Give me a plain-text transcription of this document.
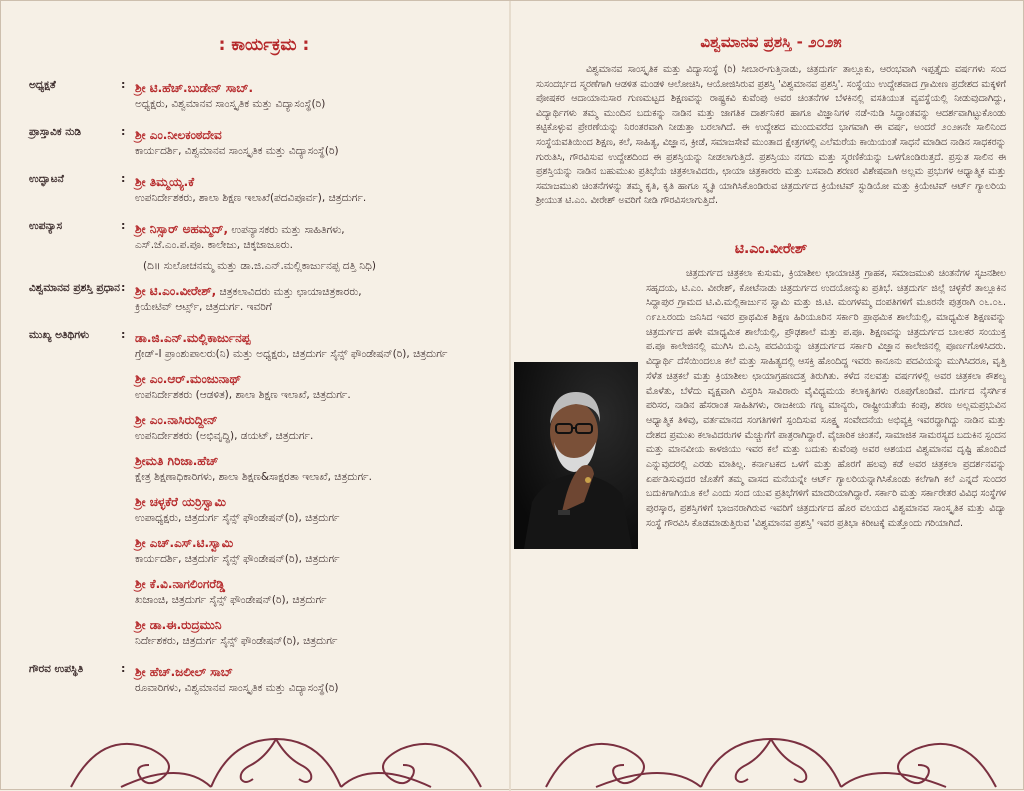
: ಕಾರ್ಯಕ್ರಮ :
ಅಧ್ಯಕ್ಷತೆ	: ಶ್ರೀ ಟಿ.ಹೆಚ್.ಬುಡೇನ್ ಸಾಬ್.
ಅಧ್ಯಕ್ಷರು, ವಿಶ್ವಮಾನವ ಸಾಂಸ್ಕೃತಿಕ ಮತ್ತು ವಿದ್ಯಾಸಂಸ್ಥೆ(ರಿ)
ಪ್ರಾಸ್ತಾವಿಕ ನುಡಿ	: ಶ್ರೀ ಎಂ.ನೀಲಕಂಠದೇವ
ಕಾರ್ಯದರ್ಶಿ, ವಿಶ್ವಮಾನವ ಸಾಂಸ್ಕೃತಿಕ ಮತ್ತು ವಿದ್ಯಾಸಂಸ್ಥೆ(ರಿ)
ಉದ್ಘಾಟನೆ	: ಶ್ರೀ ತಿಮ್ಮಯ್ಯ.ಕೆ
ಉಪನಿರ್ದೇಶಕರು, ಶಾಲಾ ಶಿಕ್ಷಣ ಇಲಾಖೆ(ಪದವಿಪೂರ್ವ), ಚಿತ್ರದುರ್ಗ.
ಉಪನ್ಯಾಸ	: ಶ್ರೀ ನಿಸ್ಸಾರ್ ಅಹಮ್ಮದ್, ಉಪನ್ಯಾಸಕರು ಮತ್ತು ಸಾಹಿತಿಗಳು,
ಎಸ್.ಜೆ.ಎಂ.ಪ.ಪೂ. ಕಾಲೇಜು, ಚಿಕ್ಕಜಾಜೂರು.
(ದಿ॥ ಸುಲೋಚನಮ್ಮ ಮತ್ತು ಡಾ.ಜಿ.ಎನ್.ಮಲ್ಲಿಕಾರ್ಜುನಪ್ಪ ದತ್ತಿ ನಿಧಿ)
ವಿಶ್ವಮಾನವ ಪ್ರಶಸ್ತಿ ಪ್ರಧಾನ : ಶ್ರೀ ಟಿ.ಎಂ.ವೀರೇಶ್, ಚಿತ್ರಕಲಾವಿದರು ಮತ್ತು ಛಾಯಾಚಿತ್ರಕಾರರು,
ಕ್ರಿಯೇಟಿವ್ ಆರ್ಟ್ಸ್, ಚಿತ್ರದುರ್ಗ. ಇವರಿಗೆ
ಮುಖ್ಯ ಅತಿಥಿಗಳು	: ಡಾ.ಜಿ.ಎನ್.ಮಲ್ಲಿಕಾರ್ಜುನಪ್ಪ
ಗ್ರೇಡ್-I ಪ್ರಾಂಶುಪಾಲರು(ನಿ) ಮತ್ತು ಅಧ್ಯಕ್ಷರು, ಚಿತ್ರದುರ್ಗ ಸೈನ್ಸ್ ಫೌಂಡೇಷನ್(ರಿ), ಚಿತ್ರದುರ್ಗ
ಶ್ರೀ ಎಂ.ಆರ್.ಮಂಜುನಾಥ್
ಉಪನಿರ್ದೇಶಕರು (ಆಡಳಿತ), ಶಾಲಾ ಶಿಕ್ಷಣ ಇಲಾಖೆ, ಚಿತ್ರದುರ್ಗ.
ಶ್ರೀ ಎಂ.ನಾಸಿರುದ್ದೀನ್
ಉಪನಿರ್ದೇಶಕರು (ಅಭಿವೃದ್ಧಿ), ಡಯಟ್, ಚಿತ್ರದುರ್ಗ.
ಶ್ರೀಮತಿ ಗಿರಿಜಾ.ಹೆಚ್
ಕ್ಷೇತ್ರ ಶಿಕ್ಷಣಾಧಿಕಾರಿಗಳು, ಶಾಲಾ ಶಿಕ್ಷಣ&ಸಾಕ್ಷರತಾ ಇಲಾಖೆ, ಚಿತ್ರದುರ್ಗ.
ಶ್ರೀ ಚಳ್ಳಕೆರೆ ಯರ್ರಿಸ್ವಾಮಿ
ಉಪಾಧ್ಯಕ್ಷರು, ಚಿತ್ರದುರ್ಗ ಸೈನ್ಸ್ ಫೌಂಡೇಷನ್(ರಿ), ಚಿತ್ರದುರ್ಗ
ಶ್ರೀ ಎಚ್.ಎಸ್.ಟಿ.ಸ್ವಾಮಿ
ಕಾರ್ಯದರ್ಶಿ, ಚಿತ್ರದುರ್ಗ ಸೈನ್ಸ್ ಫೌಂಡೇಷನ್(ರಿ), ಚಿತ್ರದುರ್ಗ
ಶ್ರೀ ಕೆ.ವಿ.ನಾಗಲಿಂಗರೆಡ್ಡಿ
ಖಜಾಂಚಿ, ಚಿತ್ರದುರ್ಗ ಸೈನ್ಸ್ ಫೌಂಡೇಷನ್(ರಿ), ಚಿತ್ರದುರ್ಗ
ಶ್ರೀ ಡಾ.ಈ.ರುದ್ರಮುನಿ
ನಿರ್ದೇಶಕರು, ಚಿತ್ರದುರ್ಗ ಸೈನ್ಸ್ ಫೌಂಡೇಷನ್(ರಿ), ಚಿತ್ರದುರ್ಗ
ಗೌರವ ಉಪಸ್ಥಿತಿ	: ಶ್ರೀ ಹೆಚ್.ಜಲೀಲ್ ಸಾಬ್
ರೂವಾರಿಗಳು, ವಿಶ್ವಮಾನವ ಸಾಂಸ್ಕೃತಿಕ ಮತ್ತು ವಿದ್ಯಾಸಂಸ್ಥೆ(ರಿ)
ವಿಶ್ವಮಾನವ ಪ್ರಶಸ್ತಿ - ೨೦೨೫
ವಿಶ್ವಮಾನವ ಸಾಂಸ್ಕೃತಿಕ ಮತ್ತು ವಿದ್ಯಾಸಂಸ್ಥೆ (ರಿ) ಸೀಬಾರ-ಗುತ್ತಿನಾಡು, ಚಿತ್ರದುರ್ಗ ತಾಲ್ಲೂಕು, ಆರಂಭವಾಗಿ ಇಪ್ಪತ್ತೈದು ವರ್ಷಗಳು ಸಂದ ಸುಸಂದರ್ಭದ ಸ್ಮರಣೆಗಾಗಿ ಆಡಳಿತ ಮಂಡಳಿ ಆಲೋಚಿಸಿ, ಆಯೋಜಿಸಿರುವ ಪ್ರಶಸ್ತಿ 'ವಿಶ್ವಮಾನವ ಪ್ರಶಸ್ತಿ'. ಸಂಸ್ಥೆಯು ಉದ್ದೇಶವಾದ ಗ್ರಾಮೀಣ ಪ್ರದೇಶದ ಮಕ್ಕಳಿಗೆ ಪೋಷಕರ ಆದಾಯಾನುಸಾರ ಗುಣಮಟ್ಟದ ಶಿಕ್ಷಣವನ್ನು ರಾಷ್ಟ್ರಕವಿ ಕುವೆಂಪು ಅವರ ಚಿಂತನೆಗಳ ಬೆಳಕಿನಲ್ಲಿ ವಸತಿಯುತ ವ್ಯವಸ್ಥೆಯಲ್ಲಿ ನೀಡುವುದಾಗಿದ್ದು, ವಿದ್ಯಾರ್ಥಿಗಳು ತಮ್ಮ ಮುಂದಿನ ಬದುಕನ್ನು ನಾಡಿನ ಮತ್ತು ಜಾಗತಿಕ ದಾರ್ಶನಿಕರ ಹಾಗೂ ವಿಜ್ಞಾನಿಗಳ ನಡೆ-ನುಡಿ ಸಿದ್ಧಾಂತವನ್ನು ಆದರ್ಶವಾಗಿಟ್ಟುಕೊಂಡು ಕಟ್ಟಿಕೊಳ್ಳುವ ಪ್ರೇರಣೆಯನ್ನು ನಿರಂತರವಾಗಿ ನೀಡುತ್ತಾ ಬರಲಾಗಿದೆ. ಈ ಉದ್ದೇಶದ ಮುಂದುವರೆದ ಭಾಗವಾಗಿ ಈ ವರ್ಷ, ಅಂದರೆ ೨೦೨೫ನೇ ಸಾಲಿನಿಂದ ಸಂಸ್ಥೆಯವತಿಯಿಂದ ಶಿಕ್ಷಣ, ಕಲೆ, ಸಾಹಿತ್ಯ, ವಿಜ್ಞಾನ, ಕ್ರೀಡೆ, ಸಮಾಜಸೇವೆ ಮುಂತಾದ ಕ್ಷೇತ್ರಗಳಲ್ಲಿ ಎಲೆಮರೆಯ ಕಾಯಿಯಂತೆ ಸಾಧನೆ ಮಾಡಿದ ನಾಡಿನ ಸಾಧಕರನ್ನು ಗುರುತಿಸಿ, ಗೌರವಿಸುವ ಉದ್ದೇಶದಿಂದ ಈ ಪ್ರಶಸ್ತಿಯನ್ನು ನೀಡಲಾಗುತ್ತಿದೆ. ಪ್ರಶಸ್ತಿಯು ನಗದು ಮತ್ತು ಸ್ಮರಣಿಕೆಯನ್ನು ಒಳಗೊಂಡಿರುತ್ತದೆ. ಪ್ರಸ್ತುತ ಸಾಲಿನ ಈ ಪ್ರಶಸ್ತಿಯನ್ನು ನಾಡಿನ ಬಹುಮುಖ ಪ್ರತಿಭೆಯ ಚಿತ್ರಕಲಾವಿದರು, ಛಾಯಾ ಚಿತ್ರಕಾರರು ಮತ್ತು ಬಸವಾದಿ ಶರಣರ ವಿಶೇಷವಾಗಿ ಅಲ್ಲಮ ಪ್ರಭುಗಳ ಆಧ್ಯಾತ್ಮಿಕ ಮತ್ತು ಸಮಾಜಮುಖಿ ಚಿಂತನೆಗಳನ್ನು ತಮ್ಮ ಕೃತಿ, ಕೃತಿ ಹಾಗೂ ಸ್ಮೃತಿ ಯಾಗಿಸಿಕೊಂಡಿರುವ ಚಿತ್ರದುರ್ಗದ ಕ್ರಿಯೇಟಿವ್ ಸ್ಟುಡಿಯೋ ಮತ್ತು ಕ್ರಿಯೇಟಿವ್ ಆರ್ಟ್ ಗ್ಯಾಲರಿಯ ಶ್ರೀಯುತ ಟಿ.ಎಂ. ವೀರೇಶ್ ಅವರಿಗೆ ನೀಡಿ ಗೌರವಿಸಲಾಗುತ್ತಿದೆ.
ಟಿ.ಎಂ.ವೀರೇಶ್
ಚಿತ್ರದುರ್ಗದ ಚಿತ್ರಕಲಾ ಕುಸುಮ, ಕ್ರಿಯಾಶೀಲ ಛಾಯಾಚಿತ್ರ ಗ್ರಾಹಕ, ಸಮಾಜಮುಖಿ ಚಿಂತನೆಗಳ ಸೃಜನಶೀಲ ಸಹೃದಯ, ಟಿ.ಎಂ. ವೀರೇಶ್, ಕೋಟೆನಾಡು ಚಿತ್ರದುರ್ಗದ ಉದಯೋನ್ಮುಖ ಪ್ರತಿಭೆ. ಚಿತ್ರದುರ್ಗ ಜಿಲ್ಲೆ ಚಳ್ಳಕೆರೆ ತಾಲ್ಲೂಕಿನ ಸಿದ್ದಾಪುರ ಗ್ರಾಮದ ಟಿ.ವಿ.ಮಲ್ಲಿಕಾರ್ಜುನ ಸ್ವಾಮಿ ಮತ್ತು ಜಿ.ಟಿ. ಮಂಗಳಮ್ಮ ದಂಪತಿಗಳಿಗೆ ಮೂರನೇ ಪುತ್ರರಾಗಿ ೦೬.೦೬. ೧೯೭೬ರಂದು ಜನಿಸಿದ ಇವರ ಪ್ರಾಥಮಿಕ ಶಿಕ್ಷಣ ಹಿರಿಯೂರಿನ ಸರ್ಕಾರಿ ಪ್ರಾಥಮಿಕ ಶಾಲೆಯಲ್ಲಿ, ಮಾಧ್ಯಮಿಕ ಶಿಕ್ಷಣವನ್ನು ಚಿತ್ರದುರ್ಗದ ಹಳೇ ಮಾಧ್ಯಮಿಕ ಶಾಲೆಯಲ್ಲಿ, ಪ್ರೌಢಶಾಲೆ ಮತ್ತು ಪ.ಪೂ. ಶಿಕ್ಷಣವನ್ನು ಚಿತ್ರದುರ್ಗದ ಬಾಲಕರ ಸಂಯುಕ್ತ ಪ.ಪೂ ಕಾಲೇಜಿನಲ್ಲಿ ಮುಗಿಸಿ ಬಿ.ಎಸ್ಸಿ ಪದವಿಯನ್ನು ಚಿತ್ರದುರ್ಗದ ಸರ್ಕಾರಿ ವಿಜ್ಞಾನ ಕಾಲೇಜಿನಲ್ಲಿ ಪೂರ್ಣಗೊಳಿಸಿದರು. ವಿದ್ಯಾರ್ಥಿ ದೆಸೆಯಿಂದಲೂ ಕಲೆ ಮತ್ತು ಸಾಹಿತ್ಯದಲ್ಲಿ ಆಸಕ್ತಿ ಹೊಂದಿದ್ದ ಇವರು ಕಾನೂನು ಪದವಿಯನ್ನು ಮುಗಿಸಿದರೂ, ವೃತ್ತಿ ಸೆಳೆತ ಚಿತ್ರಕಲೆ ಮತ್ತು ಕ್ರಿಯಾಶೀಲ ಛಾಯಾಗ್ರಹಣದತ್ತ ತಿರುಗಿತು. ಕಳೆದ ನಲವತ್ತು ವರ್ಷಗಳಲ್ಲಿ ಅವರ ಚಿತ್ರಕಲಾ ಕೌಶಲ್ಯ ಮೊಳೆತು, ಬೆಳೆದು ವೃಕ್ಷವಾಗಿ ವಿಸ್ತರಿಸಿ ಸಾವಿರಾರು ವೈವಿಧ್ಯಮಯ ಕಲಾಕೃತಿಗಳು ರೂಪುಗೊಂಡಿವೆ. ದುರ್ಗದ ನೈಸರ್ಗಿಕ ಪರಿಸರ, ನಾಡಿನ ಹೆಸರಾಂತ ಸಾಹಿತಿಗಳು, ರಾಜಕೀಯ ಗಣ್ಯ ಮಾನ್ಯರು, ರಾಷ್ಟ್ರೀಯತೆಯ ಕಂಪು, ಶರಣ ಅಲ್ಲಮಪ್ರಭುವಿನ ಆಧ್ಯಾತ್ಮಿಕ ತಿಳಿವು, ವರ್ತಮಾನದ ಸಂಗತಿಗಳಿಗೆ ಸ್ಪಂದಿಸುವ ಸೂಕ್ಷ್ಮ ಸಂವೇದನೆಯ ಅಭಿವ್ಯಕ್ತಿ ಇವರದ್ದಾಗಿದ್ದು ನಾಡಿನ ಮತ್ತು ದೇಶದ ಪ್ರಮುಖ ಕಲಾವಿದರುಗಳ ಮೆಚ್ಚುಗೆಗೆ ಪಾತ್ರರಾಗಿದ್ದಾರೆ. ವೈಚಾರಿಕ ಚಿಂತನೆ, ಸಾಮಾಜಿಕ ಸಾಮರಸ್ಯದ ಬದುಕಿನ ಸ್ಪಂದನ ಮತ್ತು ಮಾನವೀಯ ಕಾಳಜಿಯು ಇವರ ಕಲೆ ಮತ್ತು ಬದುಕು ಕುವೆಂಪು ಅವರ ಆಶಯದ ವಿಶ್ವಮಾನವ ದೃಷ್ಟಿ ಹೊಂದಿದೆ ಎನ್ನುವುದರಲ್ಲಿ ಎರಡು ಮಾತಿಲ್ಲ. ಕರ್ನಾಟಕದ ಒಳಗೆ ಮತ್ತು ಹೊರಗೆ ಹಲವು ಕಡೆ ಅವರ ಚಿತ್ರಕಲಾ ಪ್ರದರ್ಶನವನ್ನು ಏರ್ಪಡಿಸುವುದರ ಜೊತೆಗೆ ತಮ್ಮ ವಾಸದ ಮನೆಯನ್ನೇ ಆರ್ಟ್ ಗ್ಯಾಲರಿಯನ್ನಾಗಿಸಿಕೊಂಡು ಕಲೆಗಾಗಿ ಕಲೆ ಎನ್ನದೆ ಸುಂದರ ಬದುಕಿಗಾಗಿಯೂ ಕಲೆ ಎಂದು ಸಂದ ಯುವ ಪ್ರತಿಭೆಗಳಿಗೆ ಮಾದರಿಯಾಗಿದ್ದಾರೆ. ಸರ್ಕಾರಿ ಮತ್ತು ಸರ್ಕಾರೇತರ ವಿವಿಧ ಸಂಸ್ಥೆಗಳ ಪುರಸ್ಕಾರ, ಪ್ರಶಸ್ತಿಗಳಿಗೆ ಭಾಜನರಾಗಿರುವ ಇವರಿಗೆ ಚಿತ್ರದುರ್ಗದ ಹೊರ ವಲಯದ ವಿಶ್ವಮಾನವ ಸಾಂಸ್ಕೃತಿಕ ಮತ್ತು ವಿದ್ಯಾ ಸಂಸ್ಥೆ ಗೌರವಿಸಿ ಕೊಡಮಾಡುತ್ತಿರುವ 'ವಿಶ್ವಮಾನವ ಪ್ರಶಸ್ತಿ' ಇವರ ಪ್ರತಿಭಾ ಕಿರೀಟಕ್ಕೆ ಮತ್ತೊಂದು ಗರಿಯಾಗಿದೆ.
